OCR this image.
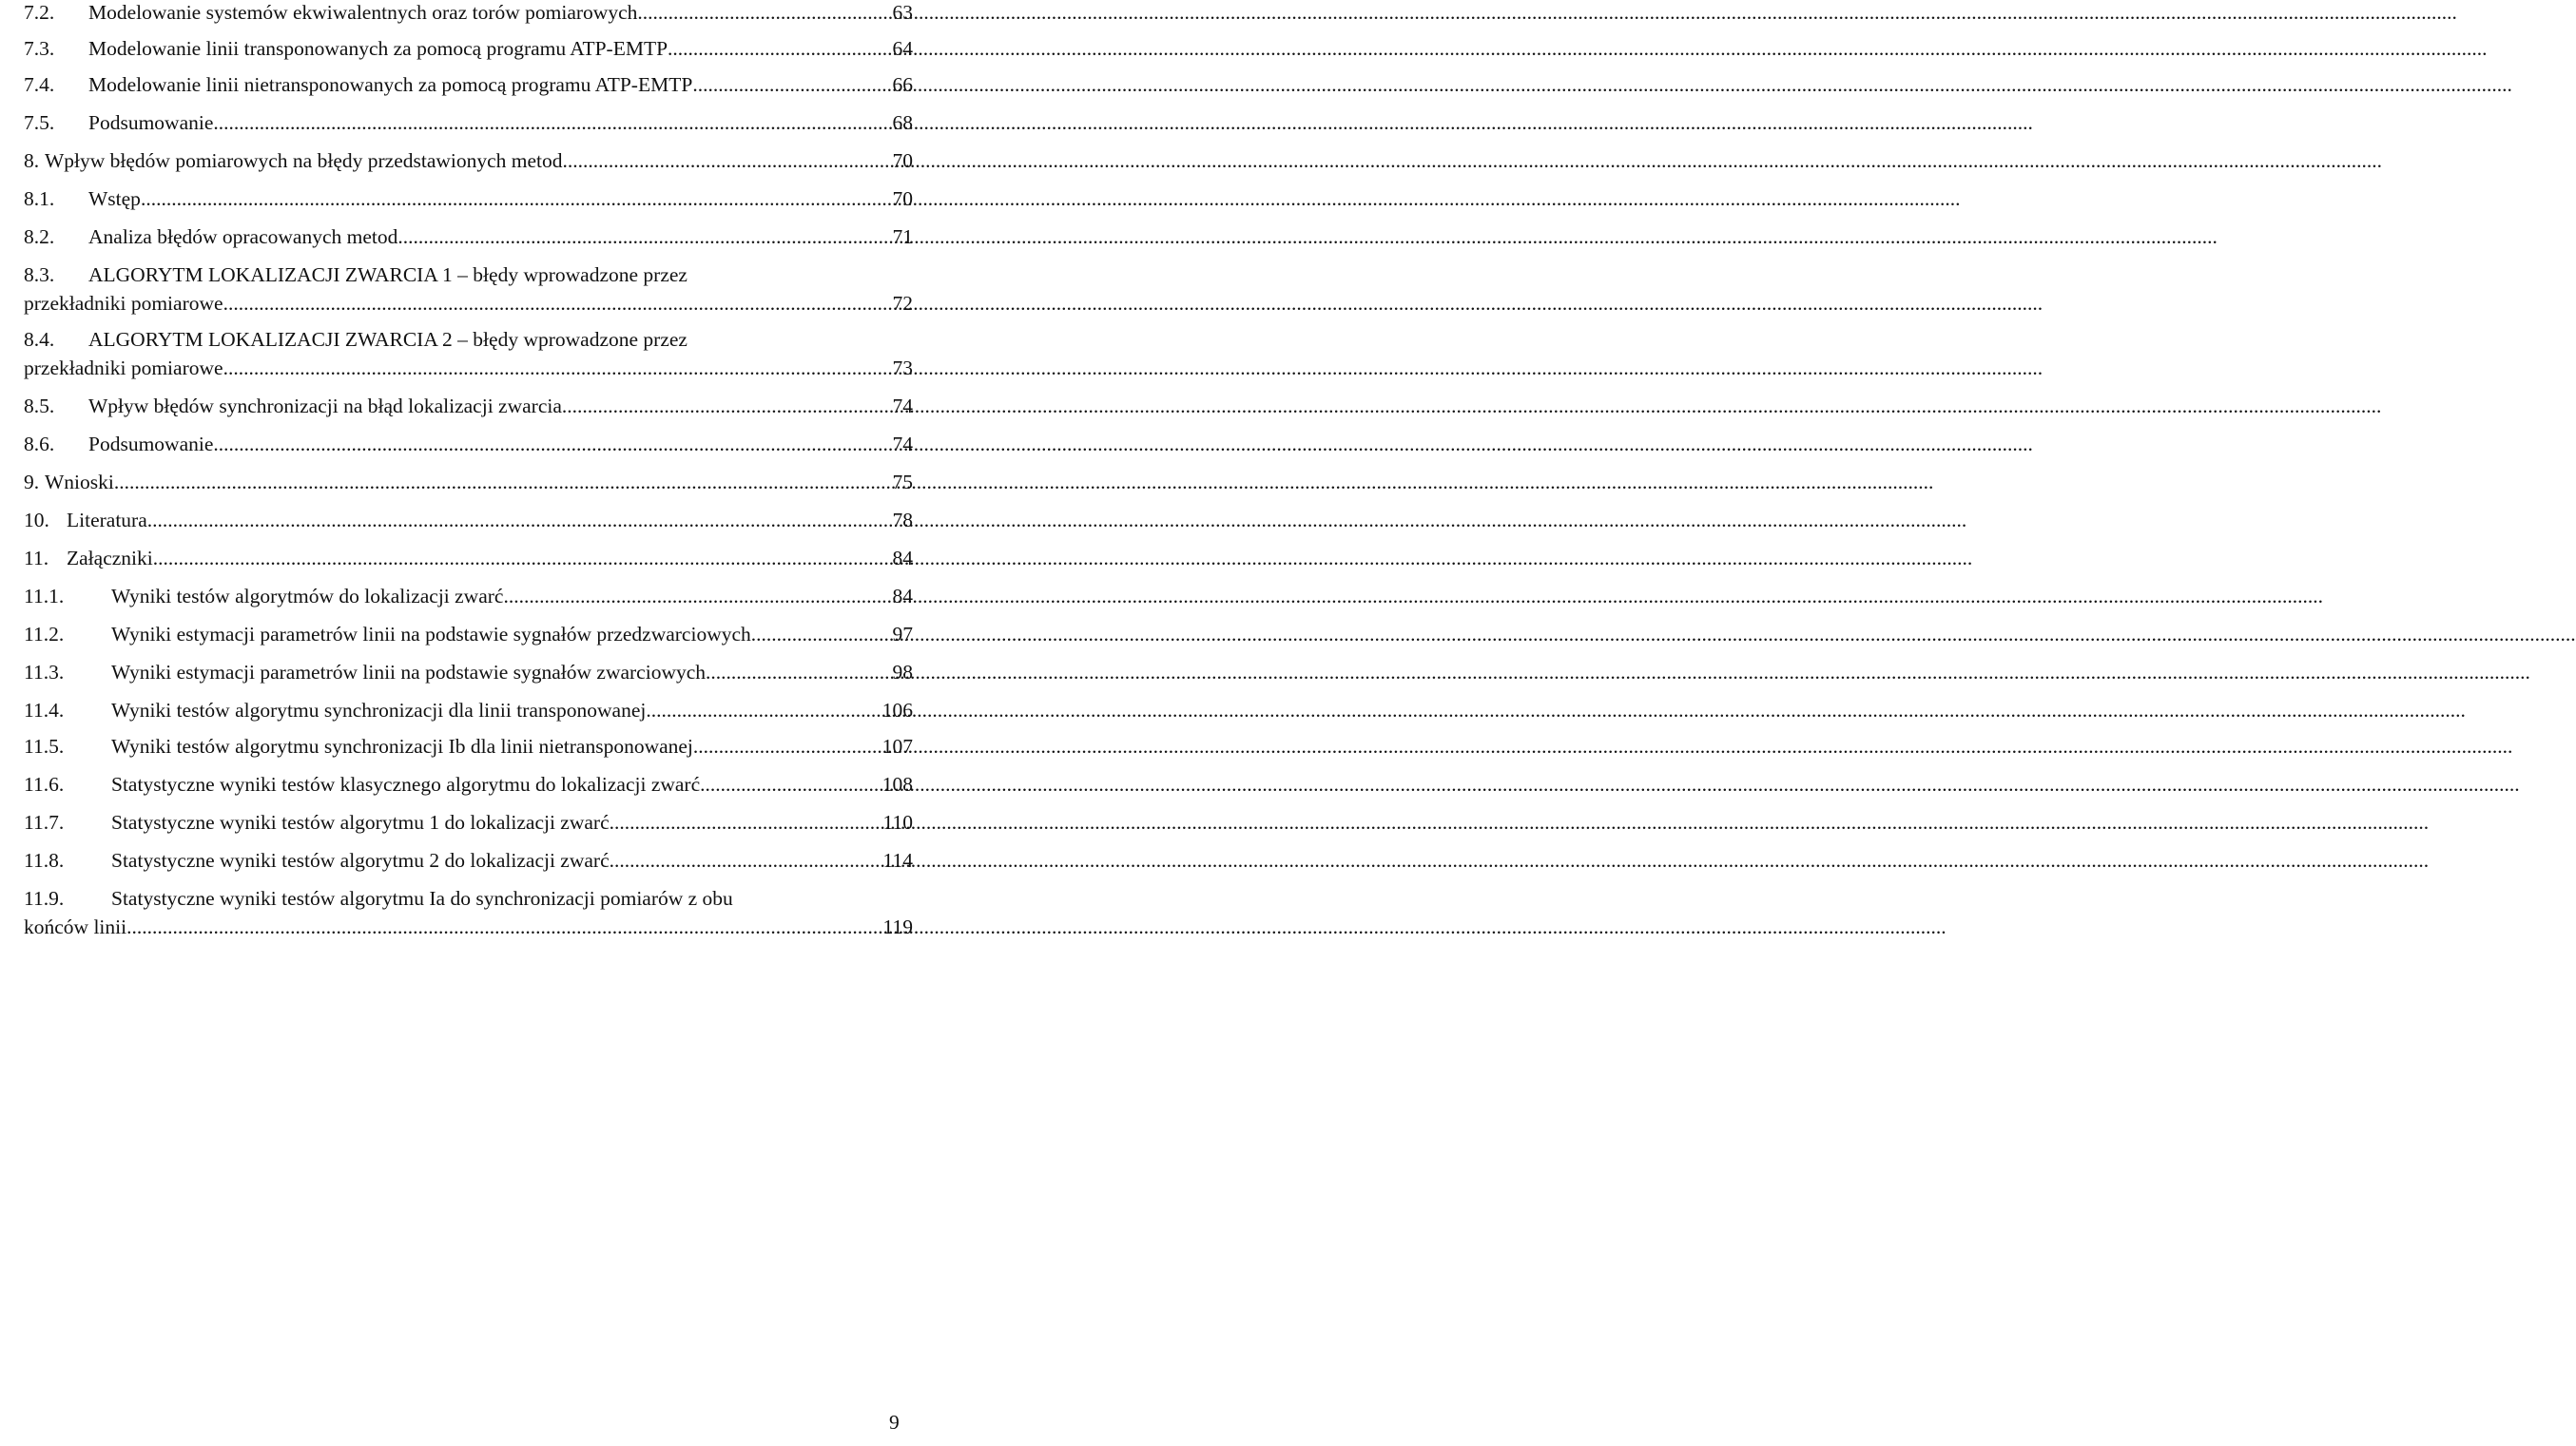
7.2.	Modelowanie systemów ekwiwalentnych oraz torów pomiarowych .....	63
7.3.	Modelowanie linii transponowanych za pomocą programu ATP-EMTP .....	64
7.4.	Modelowanie linii nietransponowanych za pomocą programu ATP-EMTP .....	66
7.5.	Podsumowanie .....	68
8. Wpływ błędów pomiarowych na błędy przedstawionych metod .....	70
8.1.	Wstęp .....	70
8.2.	Analiza błędów opracowanych metod .....	71
8.3.	ALGORYTM LOKALIZACJI ZWARCIA 1 – błędy wprowadzone przez
przekładniki pomiarowe .....	72
8.4.	ALGORYTM LOKALIZACJI ZWARCIA 2 – błędy wprowadzone przez
przekładniki pomiarowe .....	73
8.5.	Wpływ błędów synchronizacji na błąd lokalizacji zwarcia .....	74
8.6.	Podsumowanie .....	74
9. Wnioski .....	75
10. Literatura .....	78
11. Załączniki .....	84
11.1.	Wyniki testów algorytmów do lokalizacji zwarć .....	84
11.2.	Wyniki estymacji parametrów linii na podstawie sygnałów przedzwarciowych. .....	97
11.3.	Wyniki estymacji parametrów linii na podstawie sygnałów zwarciowych. .....	98
11.4.	Wyniki testów algorytmu synchronizacji dla linii transponowanej .....	106
11.5.	Wyniki testów algorytmu synchronizacji Ib dla linii nietransponowanej .....	107
11.6.	Statystyczne wyniki testów klasycznego algorytmu do lokalizacji zwarć .....	108
11.7.	Statystyczne wyniki testów algorytmu 1 do lokalizacji zwarć .....	110
11.8.	Statystyczne wyniki testów algorytmu 2 do lokalizacji zwarć .....	114
11.9.	Statystyczne wyniki testów algorytmu Ia do synchronizacji pomiarów z obu
końców linii .....	119
9
